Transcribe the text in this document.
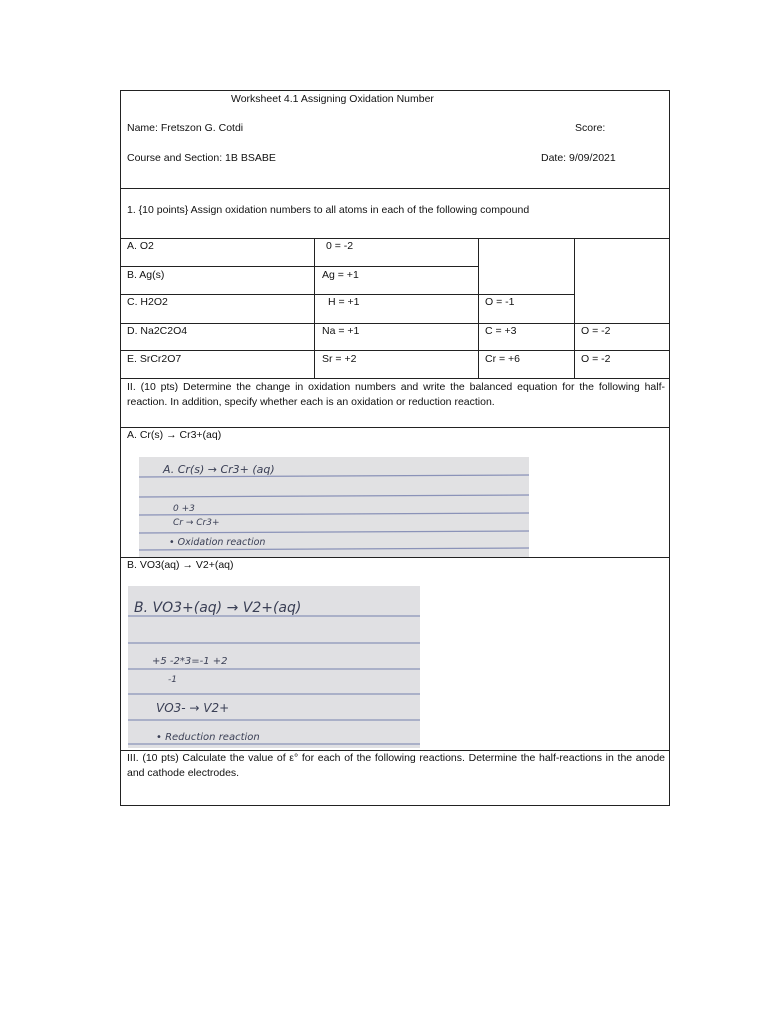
Worksheet 4.1 Assigning Oxidation Number
Name: Fretszon G. Cotdi	Score:
Course and Section: 1B BSABE	Date: 9/09/2021
1. {10 points} Assign oxidation numbers to all atoms in each of the following compound
A. O2	0 = -2
B. Ag(s)	Ag = +1
C. H2O2	H = +1	O = -1
D. Na2C2O4	Na = +1	C = +3	O = -2
E. SrCr2O7	Sr = +2	Cr = +6	O = -2
II. (10 pts) Determine the change in oxidation numbers and write the balanced equation for the following half-reaction. In addition, specify whether each is an oxidation or reduction reaction.
A. Cr(s) → Cr3+(aq)
A. Cr(s) → Cr3+ (aq)
0 +3
Cr → Cr3+
• Oxidation reaction
B. VO3(aq) → V2+(aq)
B. VO3+(aq) → V2+(aq)
+5 -2*3=-1 +2
-1
VO3- → V2+
• Reduction reaction
III. (10 pts) Calculate the value of ε° for each of the following reactions. Determine the half-reactions in the anode and cathode electrodes.
